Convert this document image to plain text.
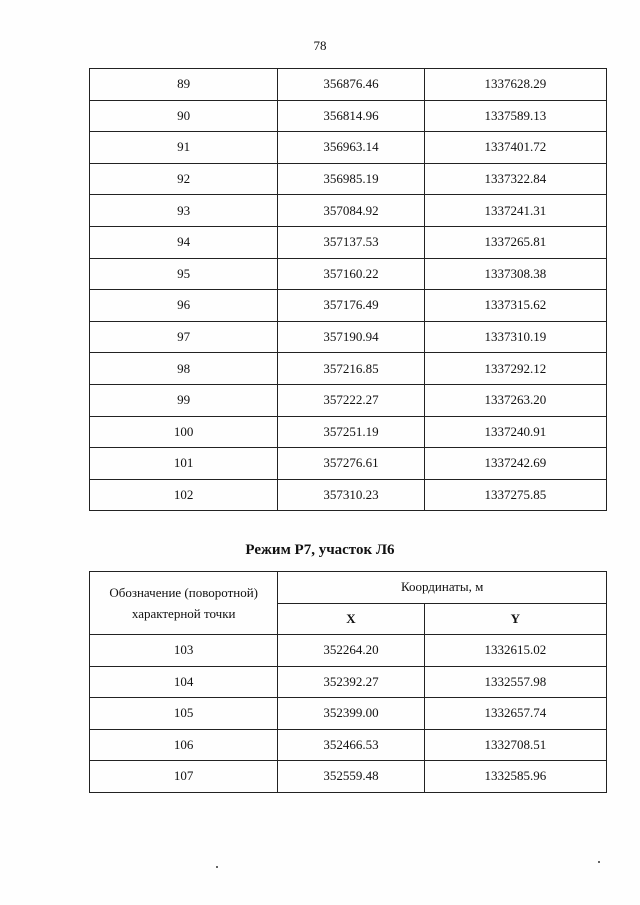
78
89	356876.46	1337628.29
90	356814.96	1337589.13
91	356963.14	1337401.72
92	356985.19	1337322.84
93	357084.92	1337241.31
94	357137.53	1337265.81
95	357160.22	1337308.38
96	357176.49	1337315.62
97	357190.94	1337310.19
98	357216.85	1337292.12
99	357222.27	1337263.20
100	357251.19	1337240.91
101	357276.61	1337242.69
102	357310.23	1337275.85
Режим Р7, участок Л6
Обозначение (поворотной) характерной точки	Координаты, м	
	X	Y
103	352264.20	1332615.02
104	352392.27	1332557.98
105	352399.00	1332657.74
106	352466.53	1332708.51
107	352559.48	1332585.96
